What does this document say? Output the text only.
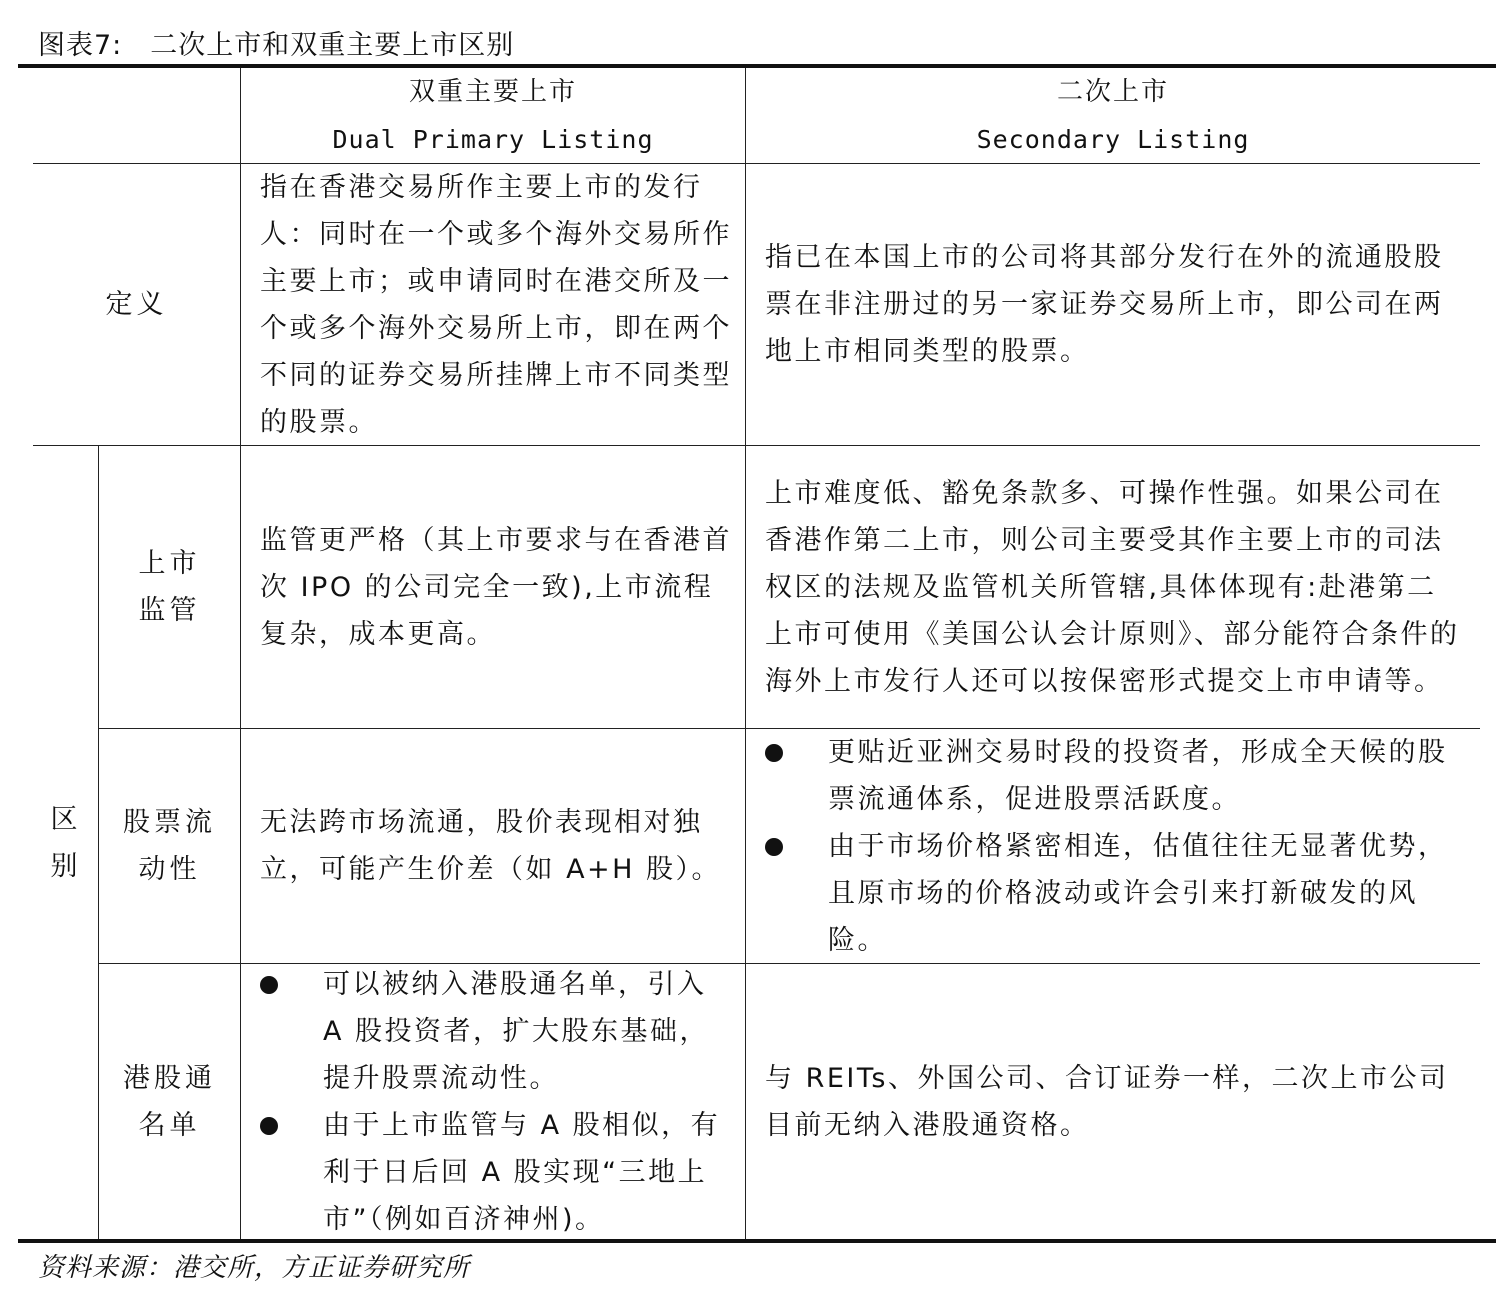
图表7: 二次上市和双重主要上市区别
双重主要上市
Dual Primary Listing
二次上市
Secondary Listing
定义
指在香港交易所作主要上市的发行人：同时在一个或多个海外交易所作主要上市；或申请同时在港交所及一个或多个海外交易所上市，即在两个不同的证券交易所挂牌上市不同类型的股票。
指已在本国上市的公司将其部分发行在外的流通股股票在非注册过的另一家证券交易所上市，即公司在两地上市相同类型的股票。
区别
上市监管
监管更严格（其上市要求与在香港首次 IPO 的公司完全一致),上市流程复杂，成本更高。
上市难度低、豁免条款多、可操作性强。如果公司在香港作第二上市，则公司主要受其作主要上市的司法权区的法规及监管机关所管辖,具体体现有:赴港第二上市可使用《美国公认会计原则》、部分能符合条件的海外上市发行人还可以按保密形式提交上市申请等。
股票流动性
无法跨市场流通，股价表现相对独立，可能产生价差（如 A+H 股）。
更贴近亚洲交易时段的投资者，形成全天候的股票流通体系，促进股票活跃度。
由于市场价格紧密相连，估值往往无显著优势，且原市场的价格波动或许会引来打新破发的风险。
港股通名单
可以被纳入港股通名单，引入 A 股投资者，扩大股东基础，提升股票流动性。
由于上市监管与 A 股相似，有利于日后回 A 股实现“三地上市”（例如百济神州)。
与 REITs、外国公司、合订证券一样，二次上市公司目前无纳入港股通资格。
资料来源：港交所，方正证券研究所
